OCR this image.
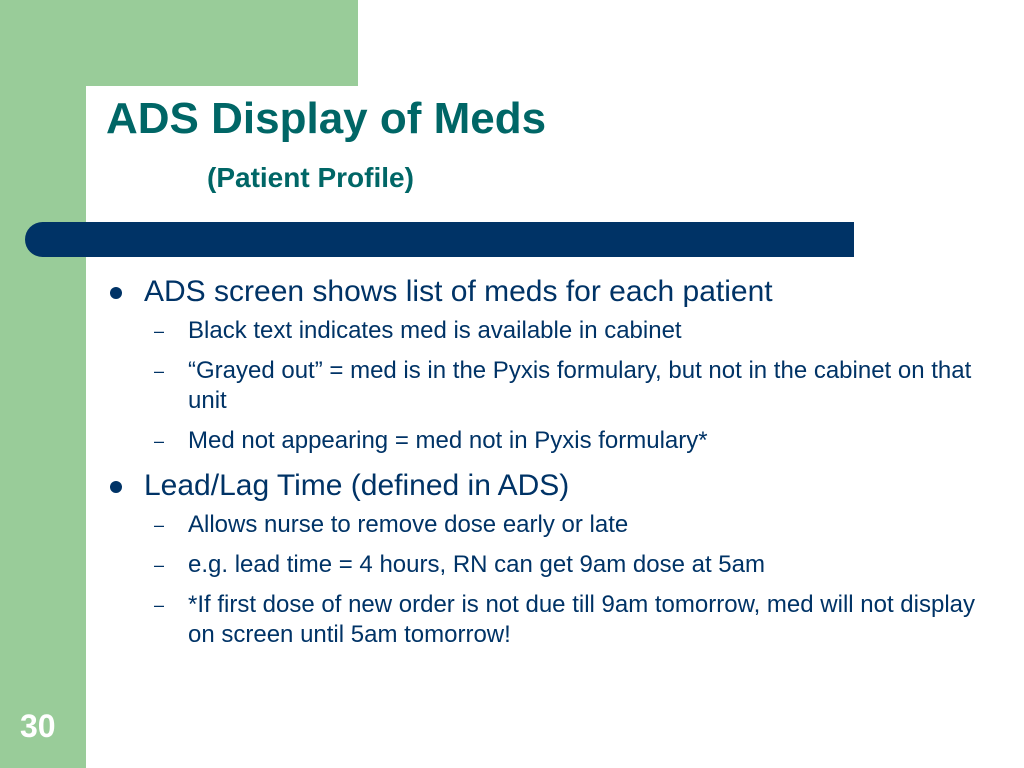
ADS Display of Meds
(Patient Profile)
ADS screen shows list of meds for each patient
– Black text indicates med is available in cabinet
– “Grayed out” = med is in the Pyxis formulary, but not in the cabinet on that unit
– Med not appearing = med not in Pyxis formulary*
Lead/Lag Time (defined in ADS)
– Allows nurse to remove dose early or late
– e.g. lead time = 4 hours, RN can get 9am dose at 5am
– *If first dose of new order is not due till 9am tomorrow, med will not display on screen until 5am tomorrow!
30
